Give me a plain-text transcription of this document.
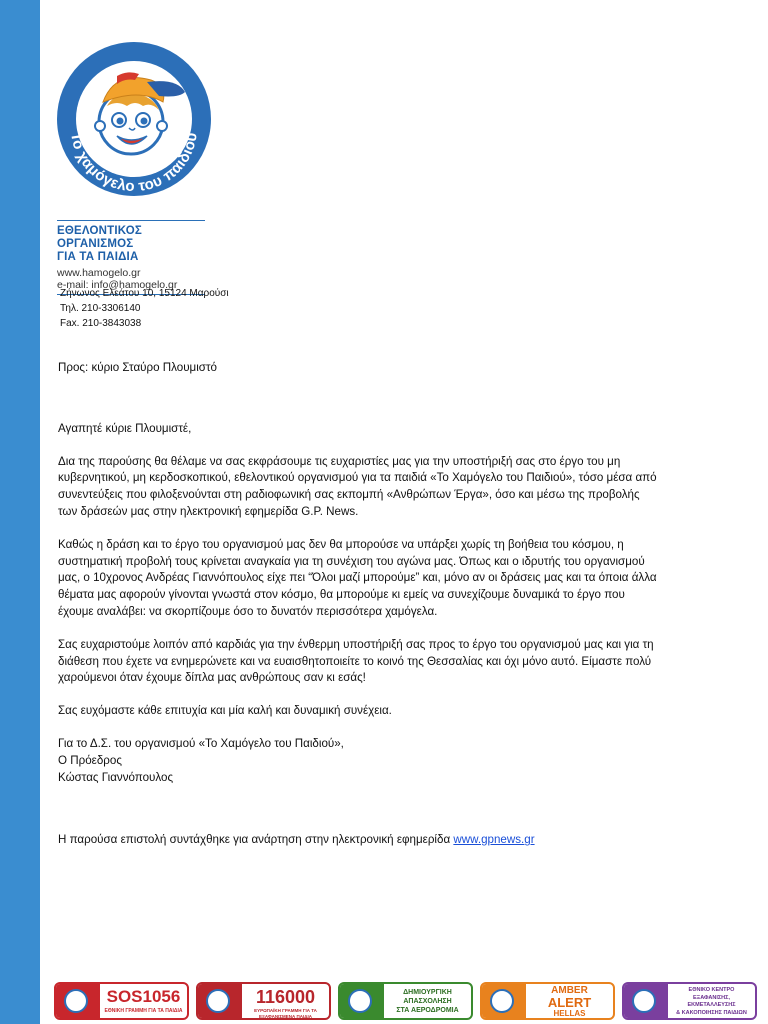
Το χαμόγελο του παιδιού
ΕΘΕΛΟΝΤΙΚΟΣ ΟΡΓΑΝΙΣΜΟΣ
ΓΙΑ ΤΑ ΠΑΙΔΙΑ
www.hamogelo.gr
e-mail: info@hamogelo.gr
Ζήνωνος Ελεάτου 10, 15124 Μαρούσι
Τηλ. 210-3306140
Fax. 210-3843038

Προς: κύριο Σταύρο Πλουμιστό

Αγαπητέ κύριε Πλουμιστέ,

Δια της παρούσης θα θέλαμε να σας εκφράσουμε τις ευχαριστίες μας για την υποστήριξή σας στο έργο του μη κυβερνητικού, μη κερδοσκοπικού, εθελοντικού οργανισμού για τα παιδιά «Το Χαμόγελο του Παιδιού», τόσο μέσα από συνεντεύξεις που φιλοξενούνται στη ραδιοφωνική σας εκπομπή «Ανθρώπων Έργα», όσο και μέσω της προβολής των δράσεών μας στην ηλεκτρονική εφημερίδα G.P. News.

Καθώς η δράση και το έργο του οργανισμού μας δεν θα μπορούσε να υπάρξει χωρίς τη βοήθεια του κόσμου, η συστηματική προβολή τους κρίνεται αναγκαία για τη συνέχιση του αγώνα μας. Όπως και ο ιδρυτής του οργανισμού μας, ο 10χρονος Ανδρέας Γιαννόπουλος είχε πει “Όλοι μαζί μπορούμε” και, μόνο αν οι δράσεις μας και τα όποια άλλα θέματα μας αφορούν γίνονται γνωστά στον κόσμο, θα μπορούμε κι εμείς να συνεχίζουμε δυναμικά το έργο που έχουμε αναλάβει: να σκορπίζουμε όσο το δυνατόν περισσότερα χαμόγελα.

Σας ευχαριστούμε λοιπόν από καρδιάς για την ένθερμη υποστήριξή σας προς το έργο του οργανισμού μας και για τη διάθεση που έχετε να ενημερώνετε και να ευαισθητοποιείτε το κοινό της Θεσσαλίας και όχι μόνο αυτό. Είμαστε πολύ χαρούμενοι όταν έχουμε δίπλα μας ανθρώπους σαν κι εσάς!

Σας ευχόμαστε κάθε επιτυχία και μία καλή και δυναμική συνέχεια.

Για το Δ.Σ. του οργανισμού «Το Χαμόγελο του Παιδιού»,

Ο Πρόεδρος

Κώστας Γιαννόπουλος

Η παρούσα επιστολή συντάχθηκε για ανάρτηση στην ηλεκτρονική εφημερίδα www.gpnews.gr

SOS1056
ΕΘΝΙΚΗ ΓΡΑΜΜΗ ΓΙΑ ΤΑ ΠΑΙΔΙΑ
116000
ΕΥΡΩΠΑΪΚΗ ΓΡΑΜΜΗ ΓΙΑ ΤΑ ΕΞΑΦΑΝΙΣΜΕΝΑ ΠΑΙΔΙΑ
ΔΗΜΙΟΥΡΓΙΚΗ
ΑΠΑΣΧΟΛΗΣΗ
ΣΤΑ ΑΕΡΟΔΡΟΜΙΑ
AMBER
ALERT
HELLAS
ΕΘΝΙΚΟ ΚΕΝΤΡΟ
ΕΞΑΦΑΝΙΣΗΣ,
ΕΚΜΕΤΑΛΛΕΥΣΗΣ
& ΚΑΚΟΠΟΙΗΣΗΣ ΠΑΙΔΙΩΝ
